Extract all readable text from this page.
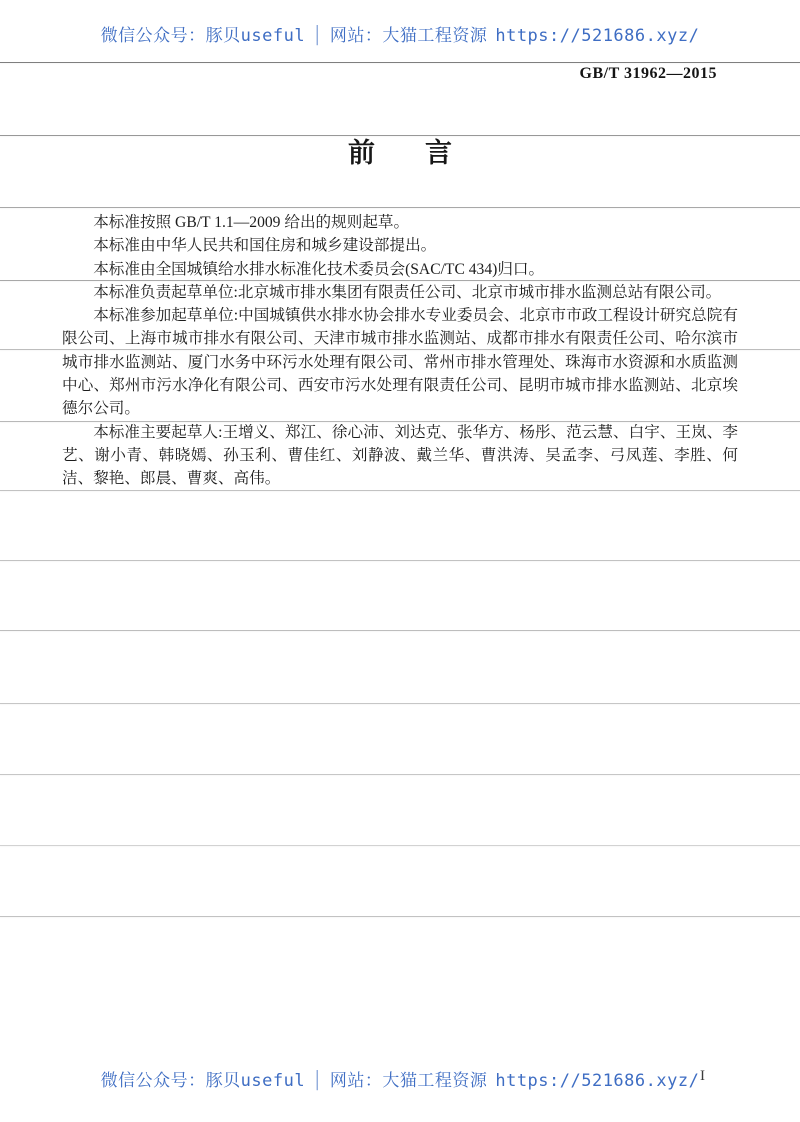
微信公众号：豚贝useful │ 网站：大猫工程资源 https://521686.xyz/
GB/T 31962—2015
前 言

本标准按照 GB/T 1.1—2009 给出的规则起草。

本标准由中华人民共和国住房和城乡建设部提出。

本标准由全国城镇给水排水标准化技术委员会(SAC/TC 434)归口。

本标准负责起草单位:北京城市排水集团有限责任公司、北京市城市排水监测总站有限公司。

本标准参加起草单位:中国城镇供水排水协会排水专业委员会、北京市市政工程设计研究总院有限公司、上海市城市排水有限公司、天津市城市排水监测站、成都市排水有限责任公司、哈尔滨市城市排水监测站、厦门水务中环污水处理有限公司、常州市排水管理处、珠海市水资源和水质监测中心、郑州市污水净化有限公司、西安市污水处理有限责任公司、昆明市城市排水监测站、北京埃德尔公司。

本标准主要起草人:王增义、郑江、徐心沛、刘达克、张华方、杨彤、范云慧、白宇、王岚、李艺、谢小青、韩晓嫣、孙玉利、曹佳红、刘静波、戴兰华、曹洪涛、吴孟李、弓凤莲、李胜、何洁、黎艳、郎晨、曹爽、高伟。

微信公众号：豚贝useful │ 网站：大猫工程资源 https://521686.xyz/ I
